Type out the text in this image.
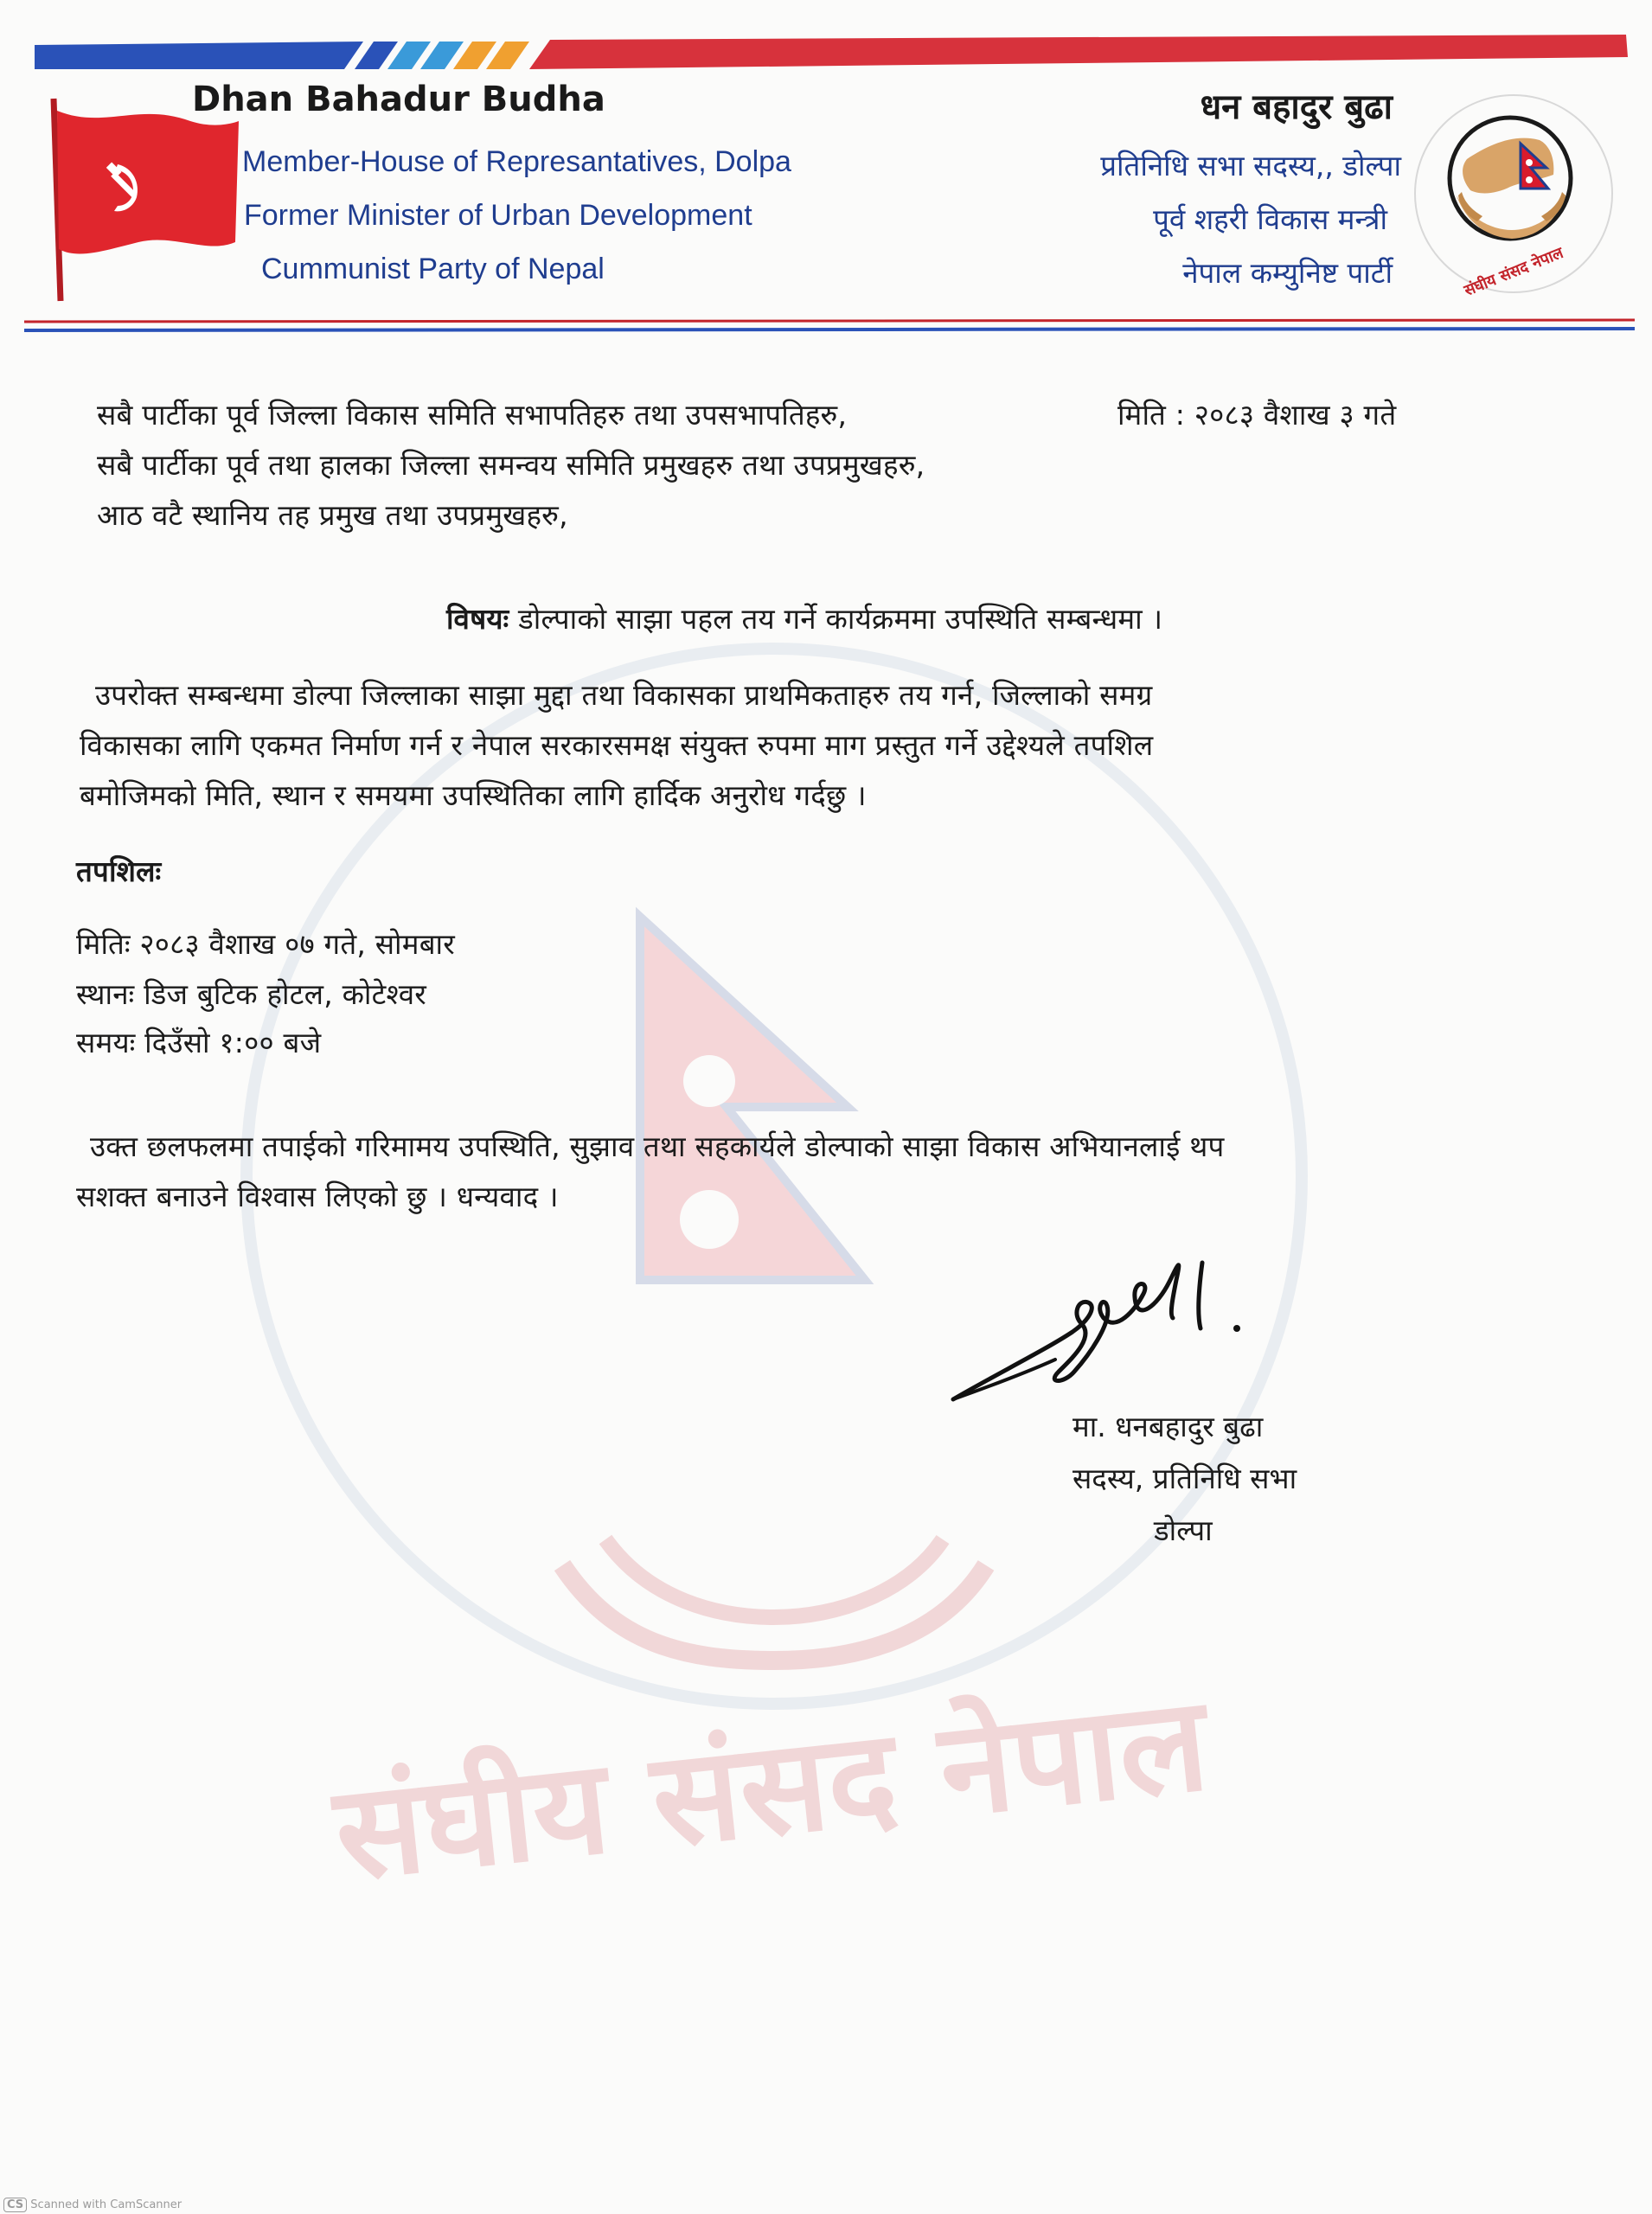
Dhan Bahadur Budha
Member-House of Represantatives, Dolpa
Former Minister of Urban Development
Cummunist Party of Nepal
धन बहादुर बुढा
प्रतिनिधि सभा सदस्य,, डोल्पा
पूर्व शहरी विकास मन्त्री
नेपाल कम्युनिष्ट पार्टी	संघीय संसद नेपाल
संघीय संसद नेपाल
सबै पार्टीका पूर्व जिल्ला विकास समिति सभापतिहरु तथा उपसभापतिहरु,	मिति : २०८३ वैशाख ३ गते
सबै पार्टीका पूर्व तथा हालका जिल्ला समन्वय समिति प्रमुखहरु तथा उपप्रमुखहरु,
आठ वटै स्थानिय तह प्रमुख तथा उपप्रमुखहरु,
विषयः डोल्पाको साझा पहल तय गर्ने कार्यक्रममा उपस्थिति सम्बन्धमा ।
उपरोक्त सम्बन्धमा डोल्पा जिल्लाका साझा मुद्दा तथा विकासका प्राथमिकताहरु तय गर्न, जिल्लाको समग्र
विकासका लागि एकमत निर्माण गर्न र नेपाल सरकारसमक्ष संयुक्त रुपमा माग प्रस्तुत गर्ने उद्देश्यले तपशिल
बमोजिमको मिति, स्थान र समयमा उपस्थितिका लागि हार्दिक अनुरोध गर्दछु ।
तपशिलः
मितिः २०८३ वैशाख ०७ गते, सोमबार
स्थानः डिज बुटिक होटल, कोटेश्वर
समयः दिउँसो १:०० बजे
उक्त छलफलमा तपाईको गरिमामय उपस्थिति, सुझाव तथा सहकार्यले डोल्पाको साझा विकास अभियानलाई थप
सशक्त बनाउने विश्वास लिएको छु । धन्यवाद ।
मा. धनबहादुर बुढा
सदस्य, प्रतिनिधि सभा
डोल्पा
CS Scanned with CamScanner
